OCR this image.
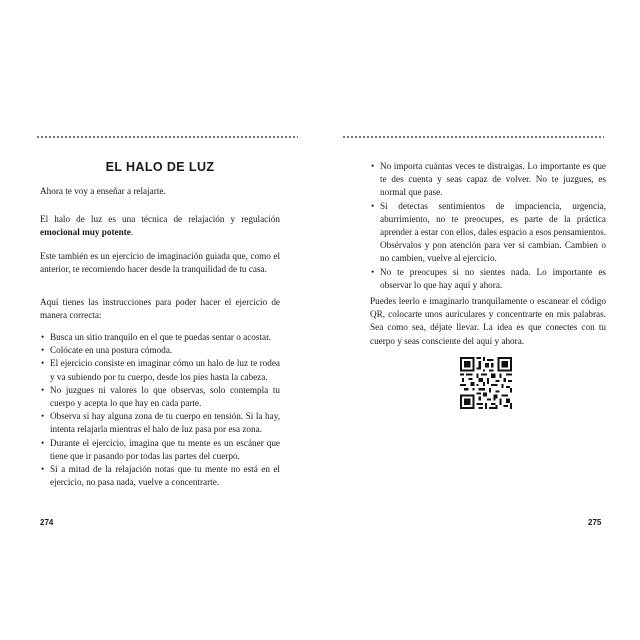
EL HALO DE LUZ
Ahora te voy a enseñar a relajarte.
El halo de luz es una técnica de relajación y regulación emocional muy potente.
Este también es un ejercicio de imaginación guiada que, como el anterior, te recomiendo hacer desde la tranquilidad de tu casa.
Aquí tienes las instrucciones para poder hacer el ejercicio de manera correcta:
• Busca un sitio tranquilo en el que te puedas sentar o acostar.
• Colócate en una postura cómoda.
• El ejercicio consiste en imaginar cómo un halo de luz te rodea y va subiendo por tu cuerpo, desde los pies hasta la cabeza.
• No juzgues ni valores lo que observas, solo contempla tu cuerpo y acepta lo que hay en cada parte.
• Observa si hay alguna zona de tu cuerpo en tensión. Si la hay, intenta relajarla mientras el halo de luz pasa por esa zona.
• Durante el ejercicio, imagina que tu mente es un escáner que tiene que ir pasando por todas las partes del cuerpo.
• Si a mitad de la relajación notas que tu mente no está en el ejercicio, no pasa nada, vuelve a concentrarte.
274
• No importa cuántas veces te distraigas. Lo importante es que te des cuenta y seas capaz de volver. No te juzgues, es normal que pase.
• Si detectas sentimientos de impaciencia, urgencia, aburrimiento, no te preocupes, es parte de la práctica aprender a estar con ellos, dales espacio a esos pensamientos. Obsérvalos y pon atención para ver si cambian. Cambien o no cambien, vuelve al ejercicio.
• No te preocupes si no sientes nada. Lo importante es observar lo que hay aquí y ahora.
Puedes leerlo e imaginarlo tranquilamente o escanear el código QR, colocarte unos auriculares y concentrarte en mis palabras. Sea como sea, déjate llevar. La idea es que conectes con tu cuerpo y seas consciente del aquí y ahora.
275
